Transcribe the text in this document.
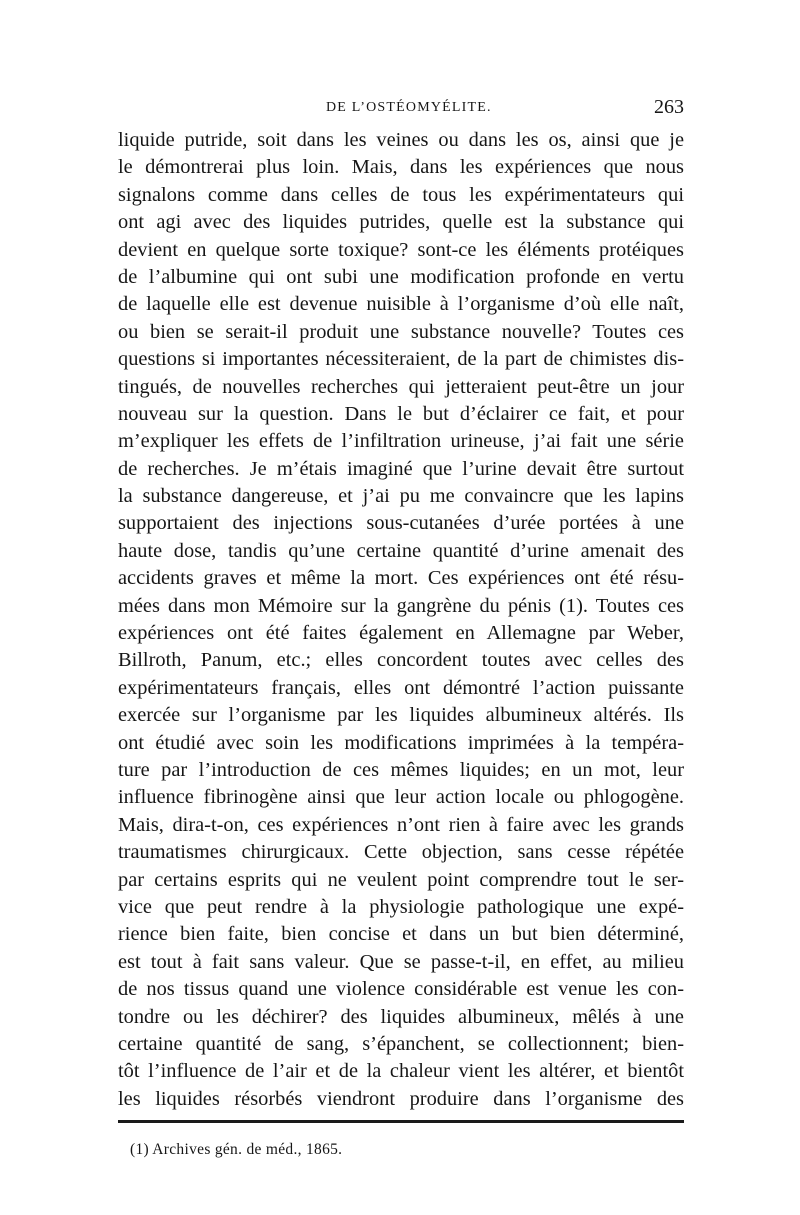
DE L’OSTÉOMYÉLITE.	263
liquide putride, soit dans les veines ou dans les os, ainsi que je
le démontrerai plus loin. Mais, dans les expériences que nous
signalons comme dans celles de tous les expérimentateurs qui
ont agi avec des liquides putrides, quelle est la substance qui
devient en quelque sorte toxique? sont-ce les éléments protéiques
de l’albumine qui ont subi une modification profonde en vertu
de laquelle elle est devenue nuisible à l’organisme d’où elle naît,
ou bien se serait-il produit une substance nouvelle? Toutes ces
questions si importantes nécessiteraient, de la part de chimistes dis-
tingués, de nouvelles recherches qui jetteraient peut-être un jour
nouveau sur la question. Dans le but d’éclairer ce fait, et pour
m’expliquer les effets de l’infiltration urineuse, j’ai fait une série
de recherches. Je m’étais imaginé que l’urine devait être surtout
la substance dangereuse, et j’ai pu me convaincre que les lapins
supportaient des injections sous-cutanées d’urée portées à une
haute dose, tandis qu’une certaine quantité d’urine amenait des
accidents graves et même la mort. Ces expériences ont été résu-
mées dans mon Mémoire sur la gangrène du pénis (1). Toutes ces
expériences ont été faites également en Allemagne par Weber,
Billroth, Panum, etc.; elles concordent toutes avec celles des
expérimentateurs français, elles ont démontré l’action puissante
exercée sur l’organisme par les liquides albumineux altérés. Ils
ont étudié avec soin les modifications imprimées à la tempéra-
ture par l’introduction de ces mêmes liquides; en un mot, leur
influence fibrinogène ainsi que leur action locale ou phlogogène.
Mais, dira-t-on, ces expériences n’ont rien à faire avec les grands
traumatismes chirurgicaux. Cette objection, sans cesse répétée
par certains esprits qui ne veulent point comprendre tout le ser-
vice que peut rendre à la physiologie pathologique une expé-
rience bien faite, bien concise et dans un but bien déterminé,
est tout à fait sans valeur. Que se passe-t-il, en effet, au milieu
de nos tissus quand une violence considérable est venue les con-
tondre ou les déchirer? des liquides albumineux, mêlés à une
certaine quantité de sang, s’épanchent, se collectionnent; bien-
tôt l’influence de l’air et de la chaleur vient les altérer, et bientôt
les liquides résorbés viendront produire dans l’organisme des
(1) Archives gén. de méd., 1865.
